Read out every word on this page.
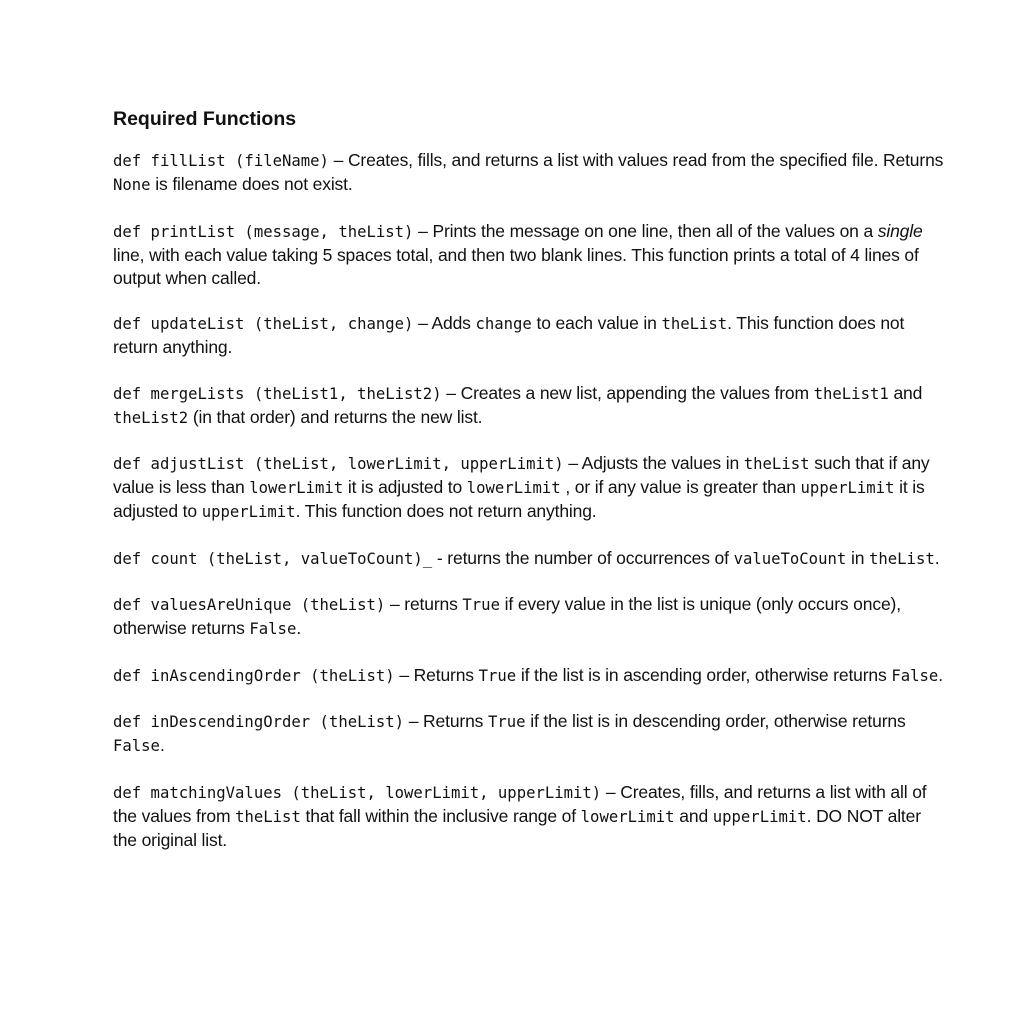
Required Functions

def fillList (fileName) – Creates, fills, and returns a list with values read from the specified file. Returns None is filename does not exist.

def printList (message, theList) – Prints the message on one line, then all of the values on a single line, with each value taking 5 spaces total, and then two blank lines. This function prints a total of 4 lines of output when called.

def updateList (theList, change) – Adds change to each value in theList. This function does not return anything.

def mergeLists (theList1, theList2) – Creates a new list, appending the values from theList1 and theList2 (in that order) and returns the new list.

def adjustList (theList, lowerLimit, upperLimit) – Adjusts the values in theList such that if any value is less than lowerLimit it is adjusted to lowerLimit , or if any value is greater than upperLimit it is adjusted to upperLimit. This function does not return anything.

def count (theList, valueToCount)_ - returns the number of occurrences of valueToCount in theList.

def valuesAreUnique (theList) – returns True if every value in the list is unique (only occurs once), otherwise returns False.

def inAscendingOrder (theList) – Returns True if the list is in ascending order, otherwise returns False.

def inDescendingOrder (theList) – Returns True if the list is in descending order, otherwise returns False.

def matchingValues (theList, lowerLimit, upperLimit) – Creates, fills, and returns a list with all of the values from theList that fall within the inclusive range of lowerLimit and upperLimit. DO NOT alter the original list.
